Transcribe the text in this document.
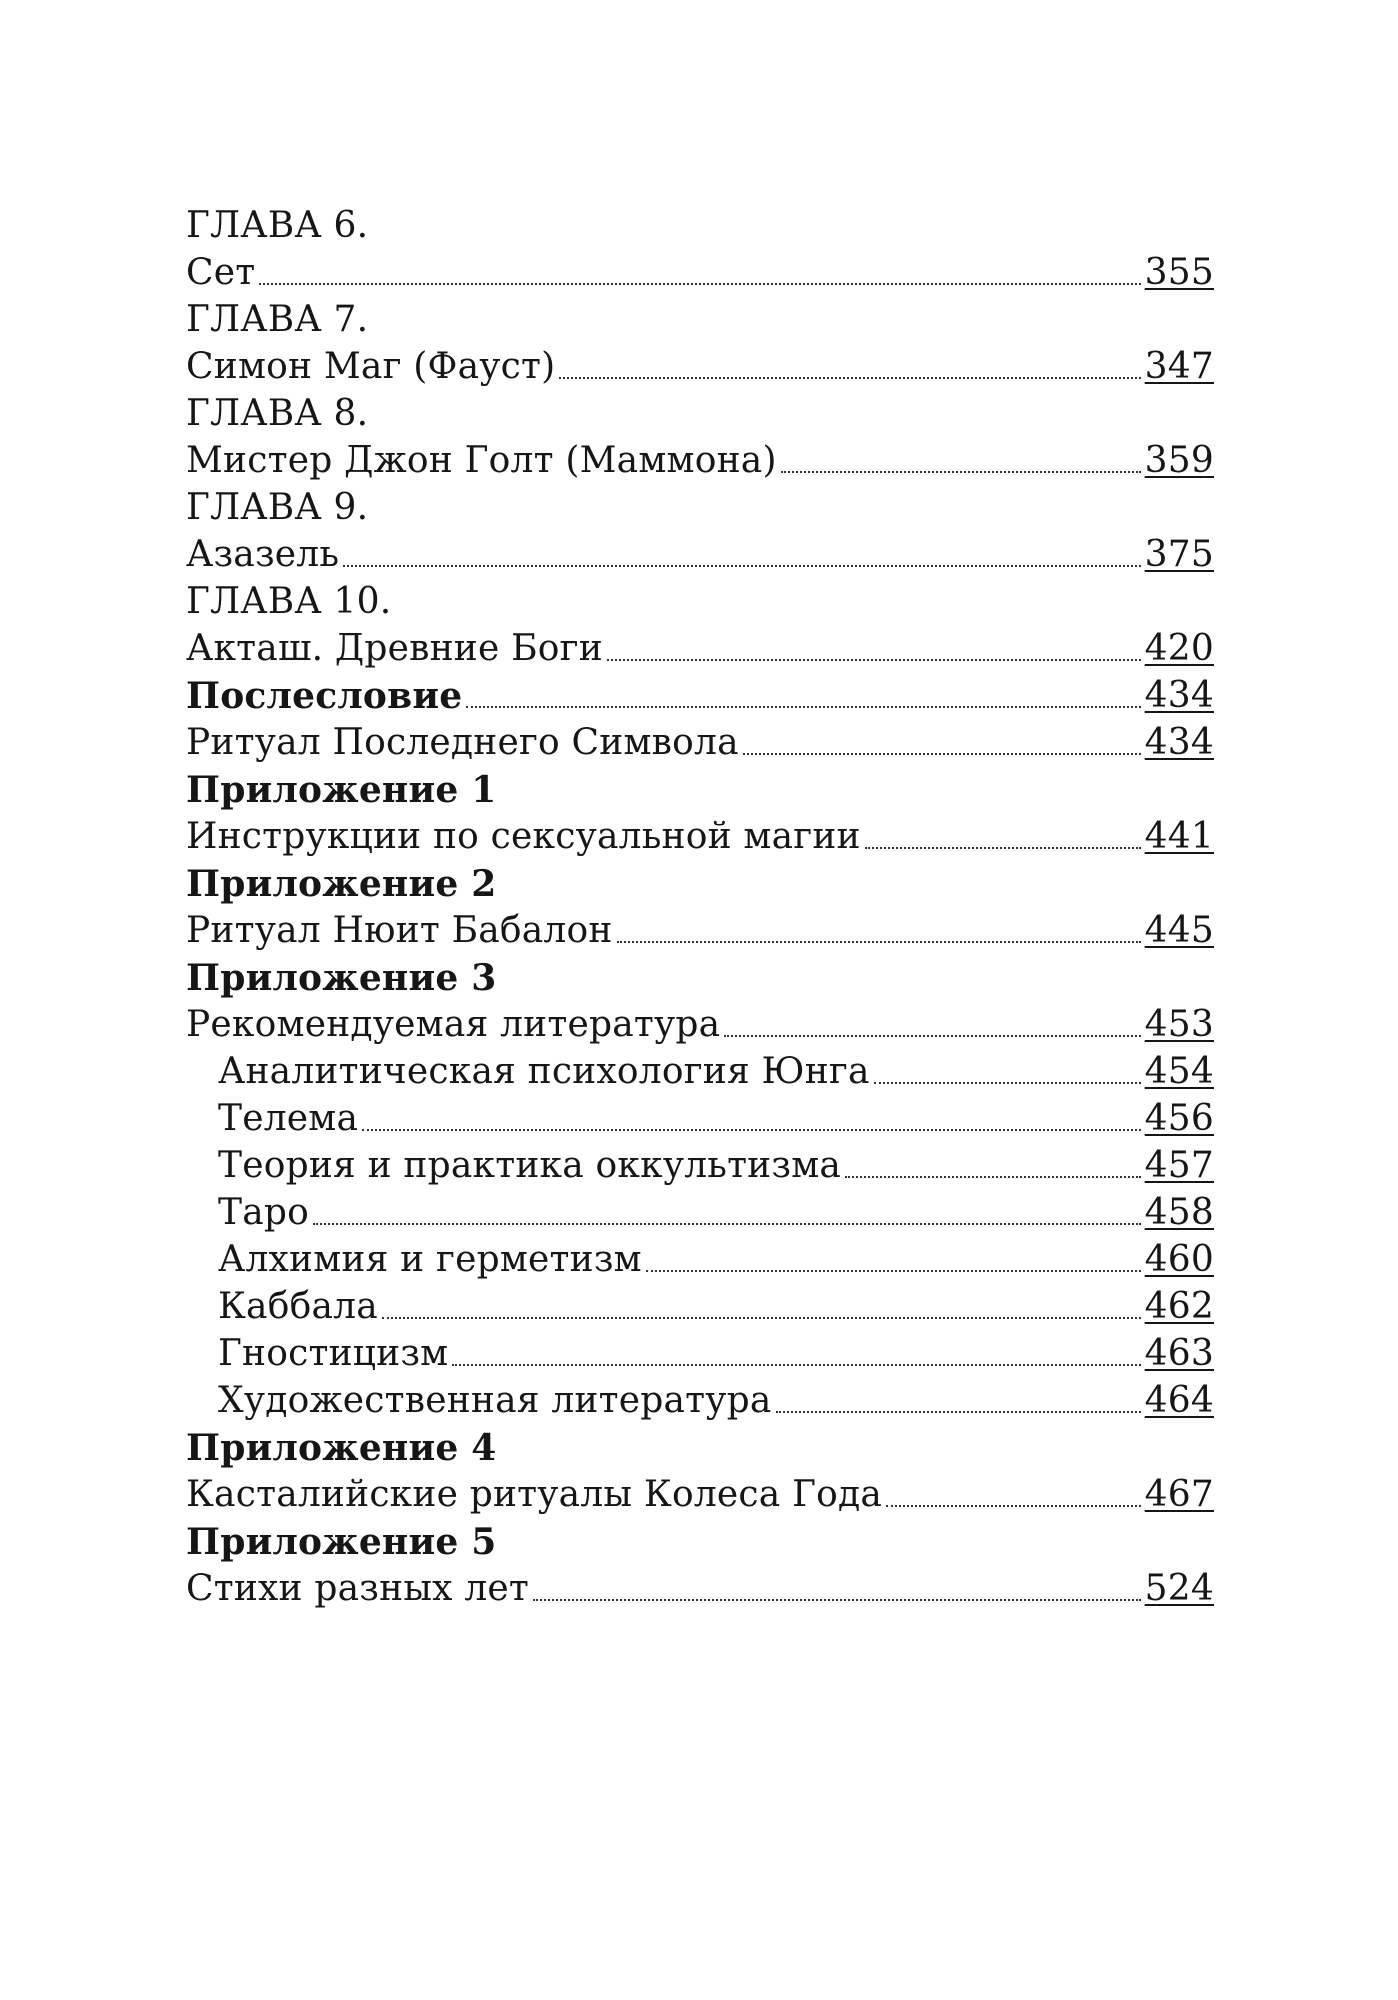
ГЛАВА 6.
Сет	355
ГЛАВА 7.
Симон Маг (Фауст)	347
ГЛАВА 8.
Мистер Джон Голт (Маммона)	359
ГЛАВА 9.
Азазель	375
ГЛАВА 10.
Акташ. Древние Боги	420
Послесловие	434
Ритуал Последнего Символа	434
Приложение 1
Инструкции по сексуальной магии	441
Приложение 2
Ритуал Нюит Бабалон	445
Приложение 3
Рекомендуемая литература	453
Аналитическая психология Юнга	454
Телема	456
Теория и практика оккультизма	457
Таро	458
Алхимия и герметизм	460
Каббала	462
Гностицизм	463
Художественная литература	464
Приложение 4
Касталийские ритуалы Колеса Года	467
Приложение 5
Стихи разных лет	524
